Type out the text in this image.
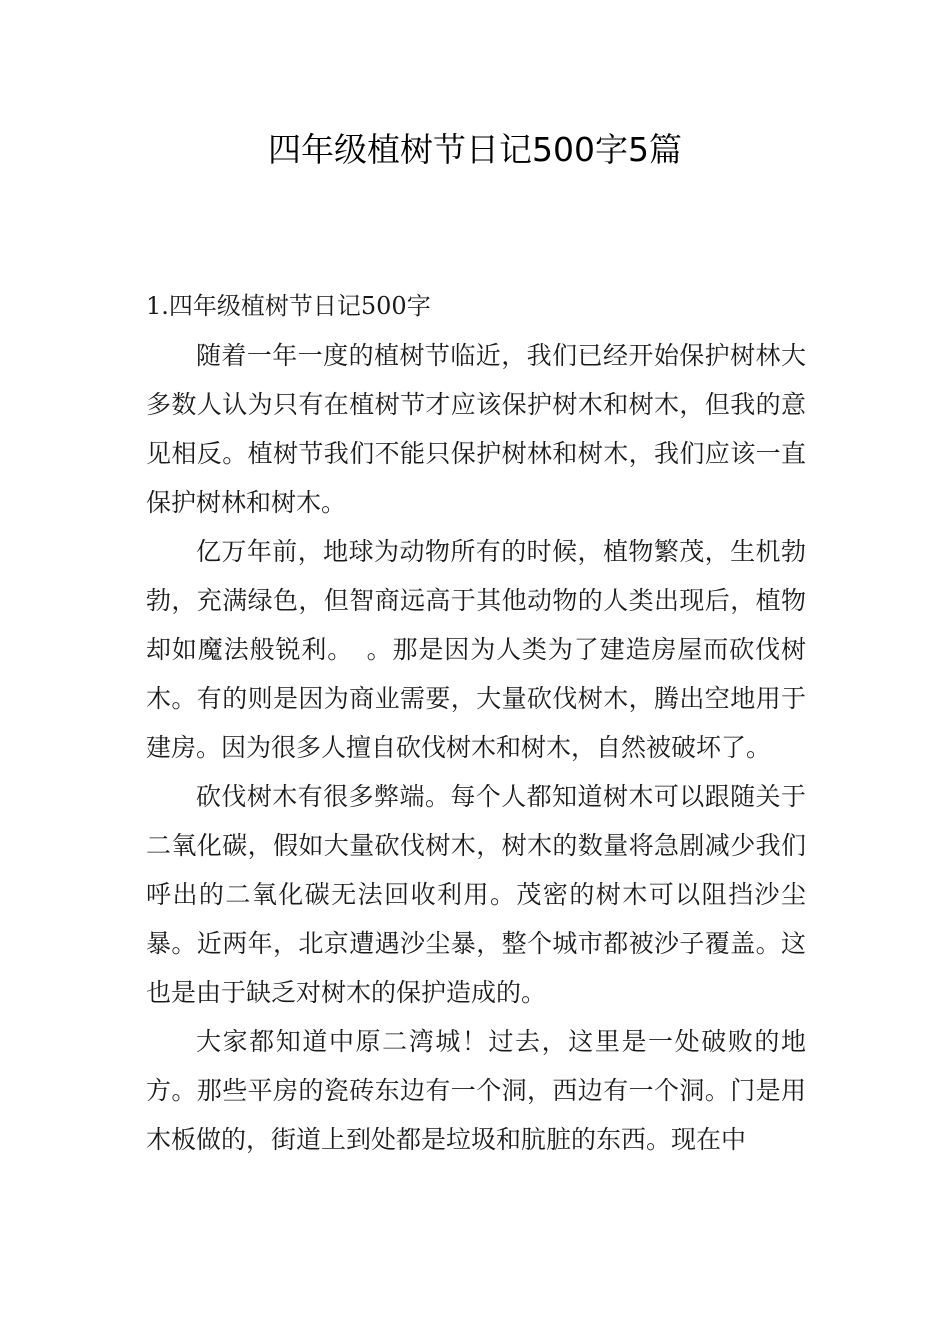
四年级植树节日记500字5篇
1.四年级植树节日记500字

随着一年一度的植树节临近，我们已经开始保护树林大多数人认为只有在植树节才应该保护树木和树木，但我的意见相反。植树节我们不能只保护树林和树木，我们应该一直保护树林和树木。

亿万年前，地球为动物所有的时候，植物繁茂，生机勃勃，充满绿色，但智商远高于其他动物的人类出现后，植物却如魔法般锐利。　。那是因为人类为了建造房屋而砍伐树木。有的则是因为商业需要，大量砍伐树木，腾出空地用于建房。因为很多人擅自砍伐树木和树木，自然被破坏了。

砍伐树木有很多弊端。每个人都知道树木可以跟随关于二氧化碳，假如大量砍伐树木，树木的数量将急剧减少我们呼出的二氧化碳无法回收利用。茂密的树木可以阻挡沙尘暴。近两年，北京遭遇沙尘暴，整个城市都被沙子覆盖。这也是由于缺乏对树木的保护造成的。

大家都知道中原二湾城！过去，这里是一处破败的地方。那些平房的瓷砖东边有一个洞，西边有一个洞。门是用木板做的，街道上到处都是垃圾和肮脏的东西。现在中
